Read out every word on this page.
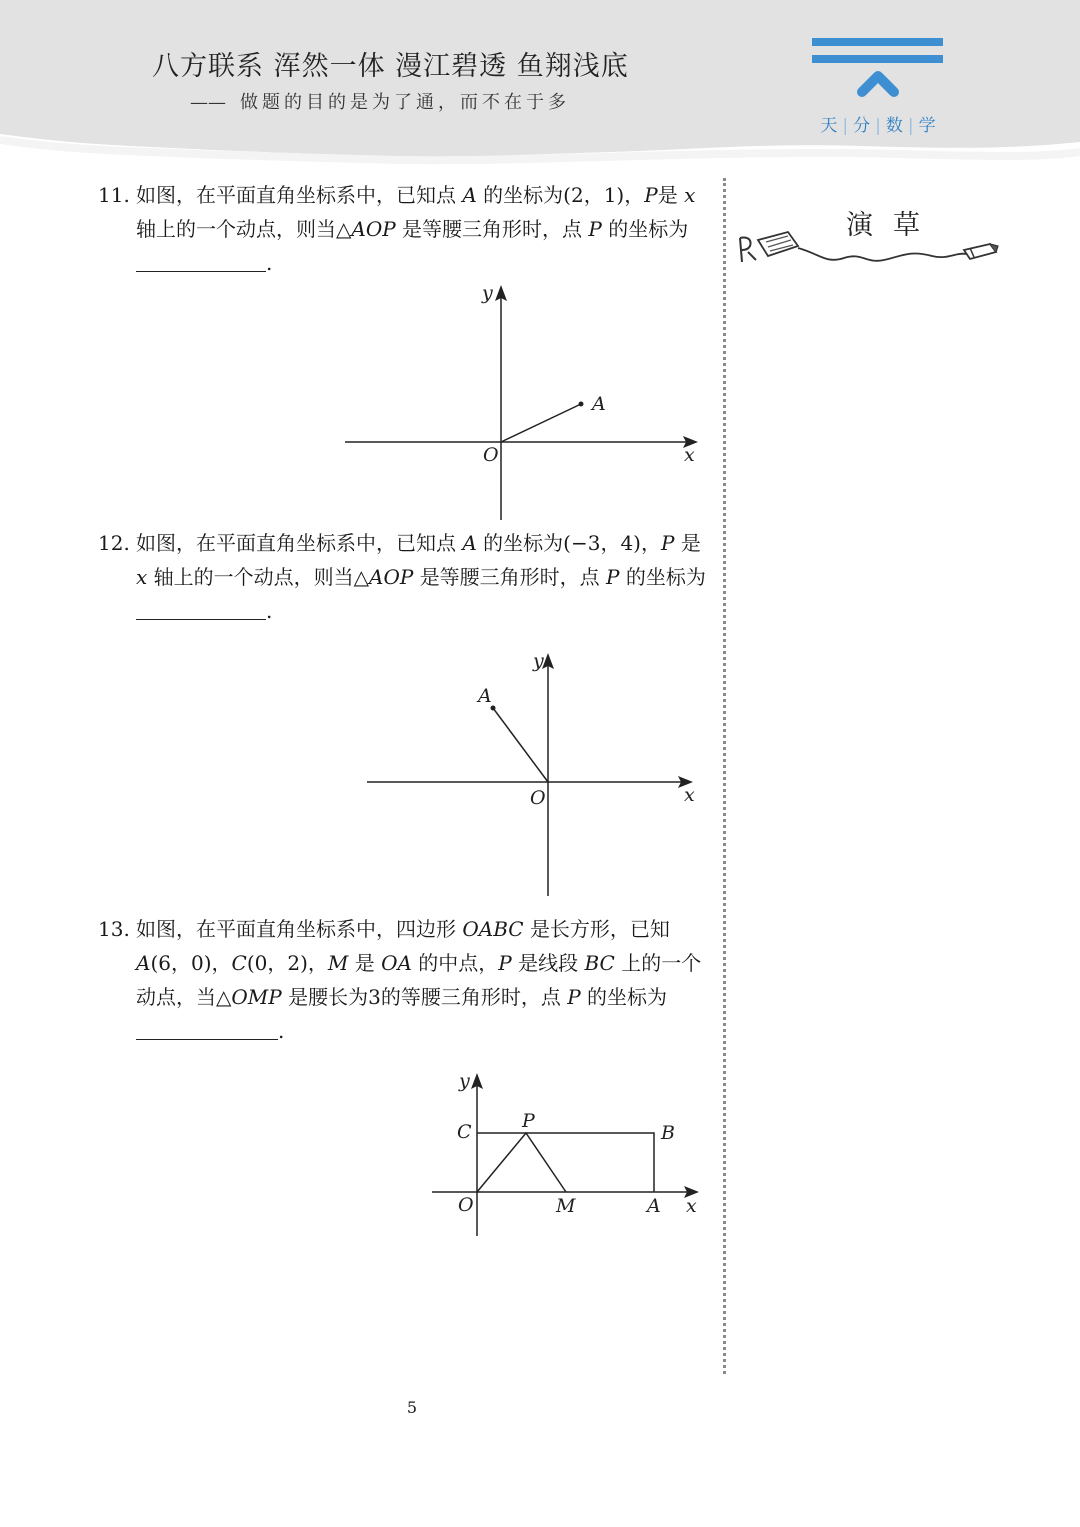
八方联系 浑然一体 漫江碧透 鱼翔浅底
—— 做题的目的是为了通，而不在于多
天 | 分 | 数 | 学
演草
11. 如图，在平面直角坐标系中，已知点 A 的坐标为(2，1)，P是 x 轴上的一个动点，则当△AOP 是等腰三角形时，点 P 的坐标为.
A
O	x
y
12. 如图，在平面直角坐标系中，已知点 A 的坐标为(−3，4)，P 是 x 轴上的一个动点，则当△AOP 是等腰三角形时，点 P 的坐标为.
A
O	x
y
13. 如图，在平面直角坐标系中，四边形 OABC 是长方形，已知 A(6，0)，C(0，2)，M 是 OA 的中点，P 是线段 BC 上的一个动点，当△OMP 是腰长为3的等腰三角形时，点 P 的坐标为
.
C	P
B
O	M	A x
y
5
